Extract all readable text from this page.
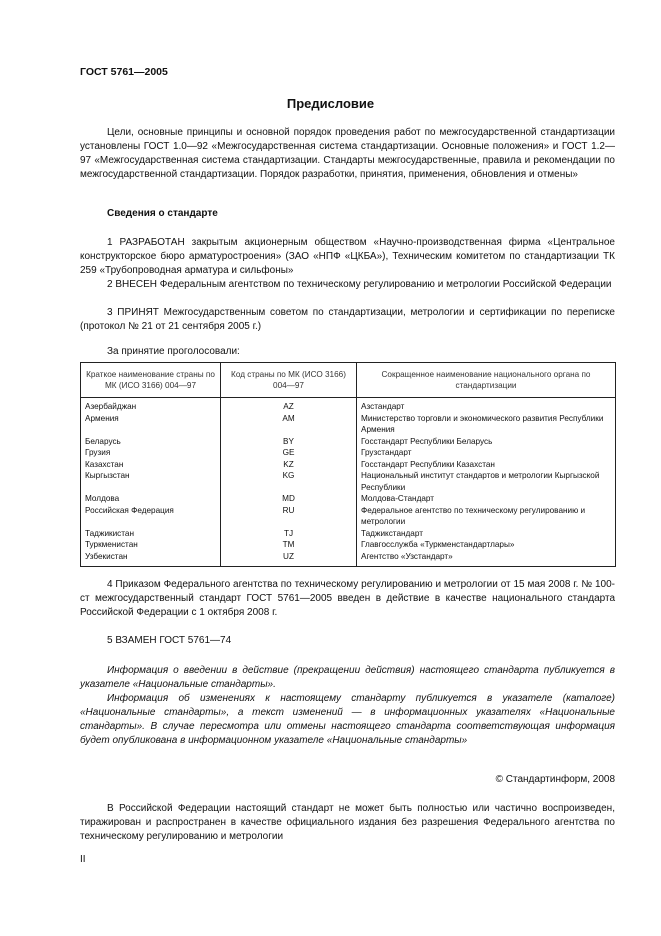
ГОСТ 5761—2005
Предисловие
Цели, основные принципы и основной порядок проведения работ по межгосударственной стандартизации установлены ГОСТ 1.0—92 «Межгосударственная система стандартизации. Основные положения» и ГОСТ 1.2—97 «Межгосударственная система стандартизации. Стандарты межгосударственные, правила и рекомендации по межгосударственной стандартизации. Порядок разработки, принятия, применения, обновления и отмены»
Сведения о стандарте
1 РАЗРАБОТАН закрытым акционерным обществом «Научно-производственная фирма «Центральное конструкторское бюро арматуростроения» (ЗАО «НПФ «ЦКБА»), Техническим комитетом по стандартизации ТК 259 «Трубопроводная арматура и сильфоны»
2 ВНЕСЕН Федеральным агентством по техническому регулированию и метрологии Российской Федерации
3 ПРИНЯТ Межгосударственным советом по стандартизации, метрологии и сертификации по переписке (протокол № 21 от 21 сентября 2005 г.)
За принятие проголосовали:
Краткое наименование страны по МК (ИСО 3166) 004—97	Код страны по МК (ИСО 3166) 004—97	Сокращенное наименование национального органа по стандартизации
Азербайджан	AZ	Азстандарт
Армения	AM	Министерство торговли и экономического развития Республики Армения
Беларусь	BY	Госстандарт Республики Беларусь
Грузия	GE	Грузстандарт
Казахстан	KZ	Госстандарт Республики Казахстан
Кыргызстан	KG	Национальный институт стандартов и метрологии Кыргызской Республики
Молдова	MD	Молдова-Стандарт
Российская Федерация	RU	Федеральное агентство по техническому регулированию и метрологии
Таджикистан	TJ	Таджикстандарт
Туркменистан	TM	Главгосслужба «Туркменстандартлары»
Узбекистан	UZ	Агентство «Узстандарт»
4 Приказом Федерального агентства по техническому регулированию и метрологии от 15 мая 2008 г. № 100-ст межгосударственный стандарт ГОСТ 5761—2005 введен в действие в качестве национального стандарта Российской Федерации с 1 октября 2008 г.
5 ВЗАМЕН ГОСТ 5761—74
Информация о введении в действие (прекращении действия) настоящего стандарта публикуется в указателе «Национальные стандарты».
Информация об изменениях к настоящему стандарту публикуется в указателе (каталоге) «Национальные стандарты», а текст изменений — в информационных указателях «Национальные стандарты». В случае пересмотра или отмены настоящего стандарта соответствующая информация будет опубликована в информационном указателе «Национальные стандарты»
© Стандартинформ, 2008
В Российской Федерации настоящий стандарт не может быть полностью или частично воспроизведен, тиражирован и распространен в качестве официального издания без разрешения Федерального агентства по техническому регулированию и метрологии
II
